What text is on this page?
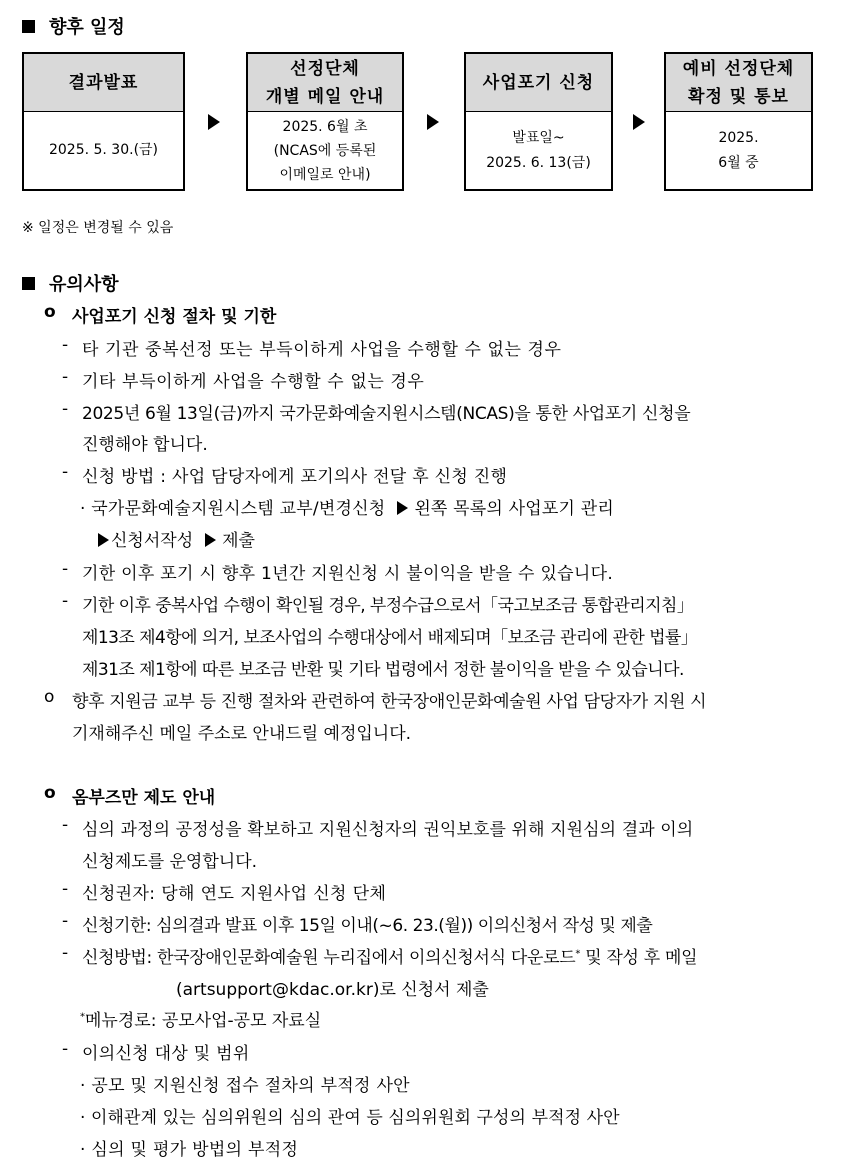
향후 일정
결과발표
2025. 5. 30.(금)
선정단체
개별 메일 안내
2025. 6월 초
(NCAS에 등록된
이메일로 안내)
사업포기 신청
발표일~
2025. 6. 13(금)
예비 선정단체
확정 및 통보
2025.
6월 중
※ 일정은 변경될 수 있음
유의사항
o 사업포기 신청 절차 및 기한
- 타 기관 중복선정 또는 부득이하게 사업을 수행할 수 없는 경우
- 기타 부득이하게 사업을 수행할 수 없는 경우
- 2025년 6월 13일(금)까지 국가문화예술지원시스템(NCAS)을 통한 사업포기 신청을
진행해야 합니다.
- 신청 방법 : 사업 담당자에게 포기의사 전달 후 신청 진행
· 국가문화예술지원시스템 교부/변경신청 왼쪽 목록의 사업포기 관리
신청서작성 제출
- 기한 이후 포기 시 향후 1년간 지원신청 시 불이익을 받을 수 있습니다.
- 기한 이후 중복사업 수행이 확인될 경우, 부정수급으로서「국고보조금 통합관리지침」
제13조 제4항에 의거, 보조사업의 수행대상에서 배제되며「보조금 관리에 관한 법률」
제31조 제1항에 따른 보조금 반환 및 기타 법령에서 정한 불이익을 받을 수 있습니다.
o 향후 지원금 교부 등 진행 절차와 관련하여 한국장애인문화예술원 사업 담당자가 지원 시
기재해주신 메일 주소로 안내드릴 예정입니다.
o 옴부즈만 제도 안내
- 심의 과정의 공정성을 확보하고 지원신청자의 권익보호를 위해 지원심의 결과 이의
신청제도를 운영합니다.
- 신청권자: 당해 연도 지원사업 신청 단체
- 신청기한: 심의결과 발표 이후 15일 이내(~6. 23.(월)) 이의신청서 작성 및 제출
- 신청방법: 한국장애인문화예술원 누리집에서 이의신청서식 다운로드* 및 작성 후 메일
(artsupport@kdac.or.kr)로 신청서 제출
*메뉴경로: 공모사업-공모 자료실
- 이의신청 대상 및 범위
· 공모 및 지원신청 접수 절차의 부적정 사안
· 이해관계 있는 심의위원의 심의 관여 등 심의위원회 구성의 부적정 사안
· 심의 및 평가 방법의 부적정
